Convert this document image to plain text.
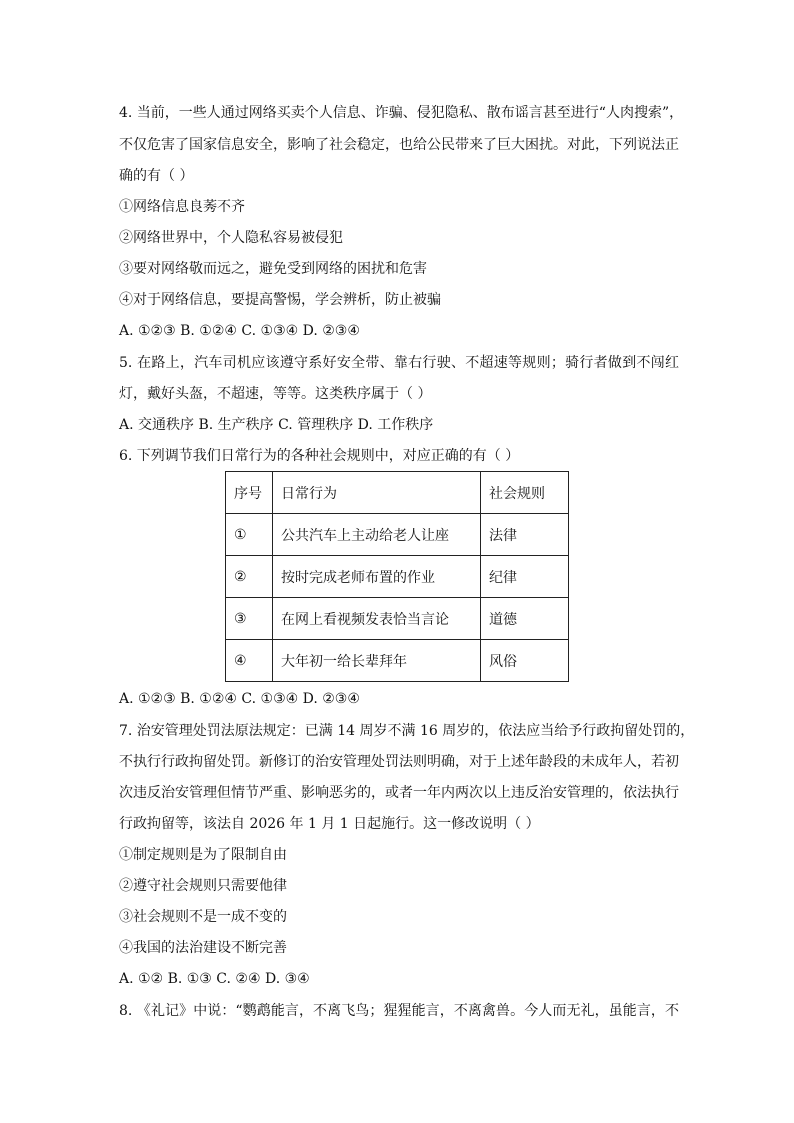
4. 当前，一些人通过网络买卖个人信息、诈骗、侵犯隐私、散布谣言甚至进行“人肉搜索”，
不仅危害了国家信息安全，影响了社会稳定，也给公民带来了巨大困扰。对此，下列说法正
确的有（ ）
①网络信息良莠不齐
②网络世界中，个人隐私容易被侵犯
③要对网络敬而远之，避免受到网络的困扰和危害
④对于网络信息，要提高警惕，学会辨析，防止被骗
A. ①②③ B. ①②④ C. ①③④ D. ②③④
5. 在路上，汽车司机应该遵守系好安全带、靠右行驶、不超速等规则；骑行者做到不闯红
灯，戴好头盔，不超速，等等。这类秩序属于（ ）
A. 交通秩序 B. 生产秩序 C. 管理秩序 D. 工作秩序
6. 下列调节我们日常行为的各种社会规则中，对应正确的有（ ）
序号	日常行为	社会规则
①	公共汽车上主动给老人让座	法律
②	按时完成老师布置的作业	纪律
③	在网上看视频发表恰当言论	道德
④	大年初一给长辈拜年	风俗
A. ①②③ B. ①②④ C. ①③④ D. ②③④
7. 治安管理处罚法原法规定：已满 14 周岁不满 16 周岁的，依法应当给予行政拘留处罚的，
不执行行政拘留处罚。新修订的治安管理处罚法则明确，对于上述年龄段的未成年人，若初
次违反治安管理但情节严重、影响恶劣的，或者一年内两次以上违反治安管理的，依法执行
行政拘留等，该法自 2026 年 1 月 1 日起施行。这一修改说明（ ）
①制定规则是为了限制自由
②遵守社会规则只需要他律
③社会规则不是一成不变的
④我国的法治建设不断完善
A. ①② B. ①③ C. ②④ D. ③④
8. 《礼记》中说：“鹦鹉能言，不离飞鸟；猩猩能言，不离禽兽。今人而无礼，虽能言，不
